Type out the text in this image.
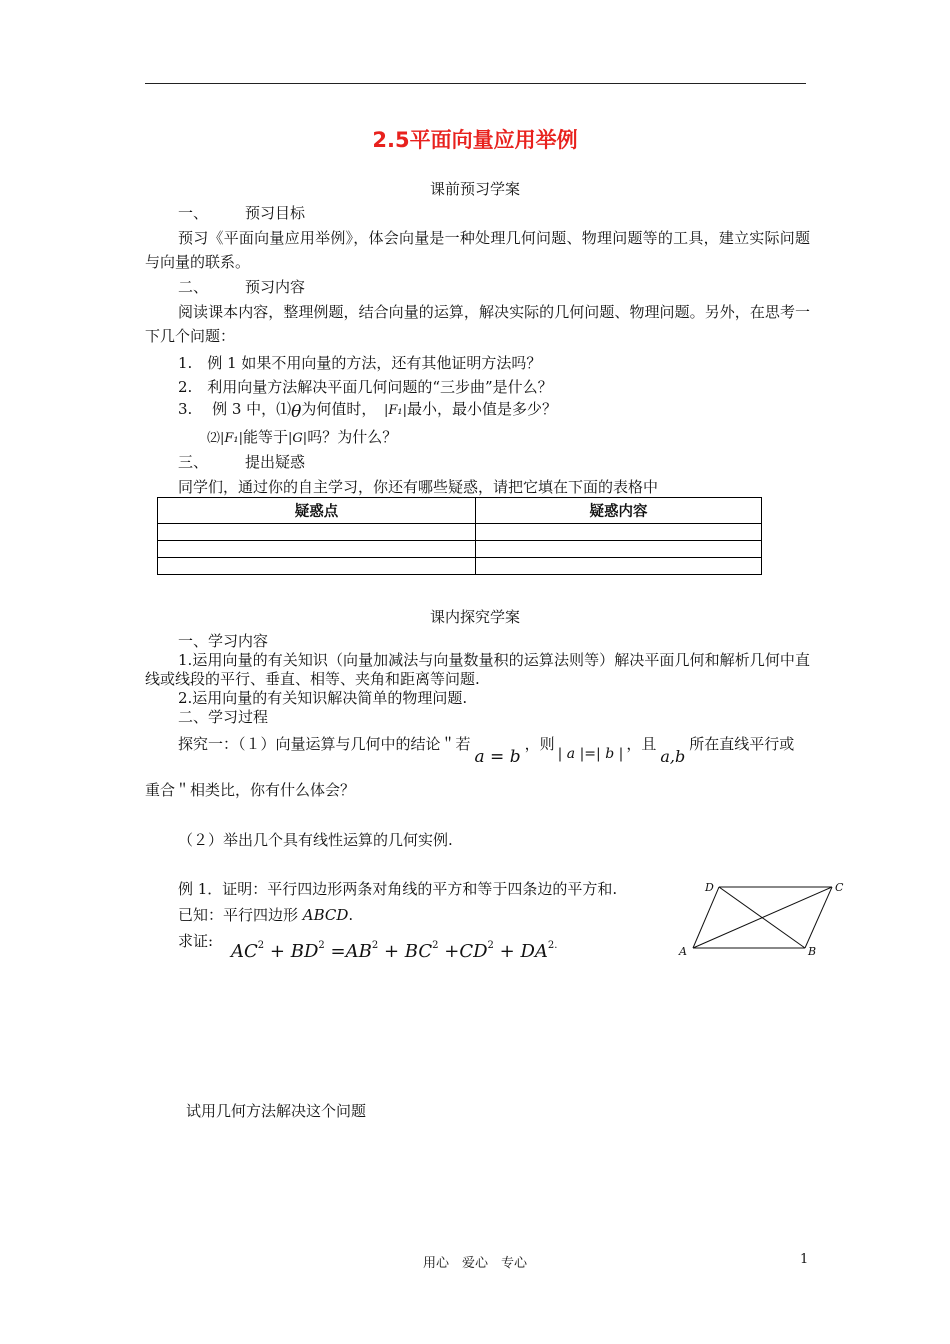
2.5平面向量应用举例
课前预习学案
一、 预习目标
预习《平面向量应用举例》，体会向量是一种处理几何问题、物理问题等的工具，建立实际问题与向量的联系。
二、 预习内容
阅读课本内容，整理例题，结合向量的运算，解决实际的几何问题、物理问题。另外，在思考一下几个问题：
1.　例 1 如果不用向量的方法，还有其他证明方法吗？
2.　利用向量方法解决平面几何问题的“三步曲”是什么？
3.　 例 3 中，⑴θ为何值时，　 |F₁|最小，最小值是多少？
⑵|F₁|能等于|G|吗？为什么？
三、 提出疑惑
同学们，通过你的自主学习，你还有哪些疑惑，请把它填在下面的表格中
疑惑点	疑惑内容

课内探究学案
一、学习内容
1.运用向量的有关知识（向量加减法与向量数量积的运算法则等）解决平面几何和解析几何中直线或线段的平行、垂直、相等、夹角和距离等问题.
2.运用向量的有关知识解决简单的物理问题.
二、学习过程
探究一：（１）向量运算与几何中的结论＂若a = b，则| a |=| b |，且a,b所在直线平行或
重合＂相类比，你有什么体会？
（２）举出几个具有线性运算的几何实例.
例 1．证明：平行四边形两条对角线的平方和等于四条边的平方和.
已知：平行四边形 ABCD.
求证: $AC^2 + BD^2 =AB^2 + BC^2 +CD^2 + DA^{2.}$	A	B
C
D
试用几何方法解决这个问题
用心　爱心　专心	1
